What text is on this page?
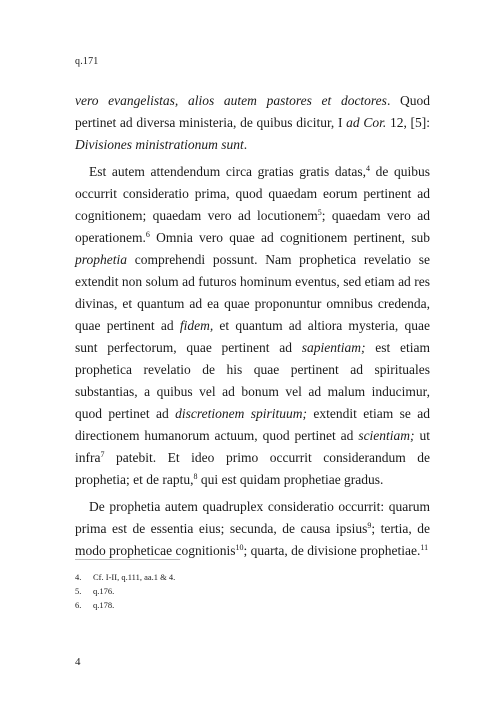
q.171

vero evangelistas, alios autem pastores et doctores. Quod pertinet ad diversa ministeria, de quibus dicitur, I ad Cor. 12, [5]: Divisiones ministrationum sunt.

Est autem attendendum circa gratias gratis datas,$^4$ de quibus occurrit consideratio prima, quod quaedam eorum pertinent ad cognitionem; quaedam vero ad locutionem$^5$; quaedam vero ad operationem.$^6$ Omnia vero quae ad cognitionem pertinent, sub prophetia comprehendi possunt. Nam prophetica revelatio se extendit non solum ad futuros hominum eventus, sed etiam ad res divinas, et quantum ad ea quae proponuntur omnibus credenda, quae pertinent ad fidem, et quantum ad altiora mysteria, quae sunt perfectorum, quae pertinent ad sapientiam; est etiam prophetica revelatio de his quae pertinent ad spirituales substantias, a quibus vel ad bonum vel ad malum inducimur, quod pertinet ad discretionem spirituum; extendit etiam se ad directionem humanorum actuum, quod pertinet ad scientiam; ut infra$^7$ patebit. Et ideo primo occurrit considerandum de prophetia; et de raptu,$^8$ qui est quidam prophetiae gradus.

De prophetia autem quadruplex consideratio occurrit: quarum prima est de essentia eius; secunda, de causa ipsius$^9$; tertia, de modo propheticae cognitionis$^{10}$; quarta, de divisione prophetiae.$^{11}$

4. Cf. I-II, q.111, aa.1 & 4.
5. q.176.
6. q.178.
4
